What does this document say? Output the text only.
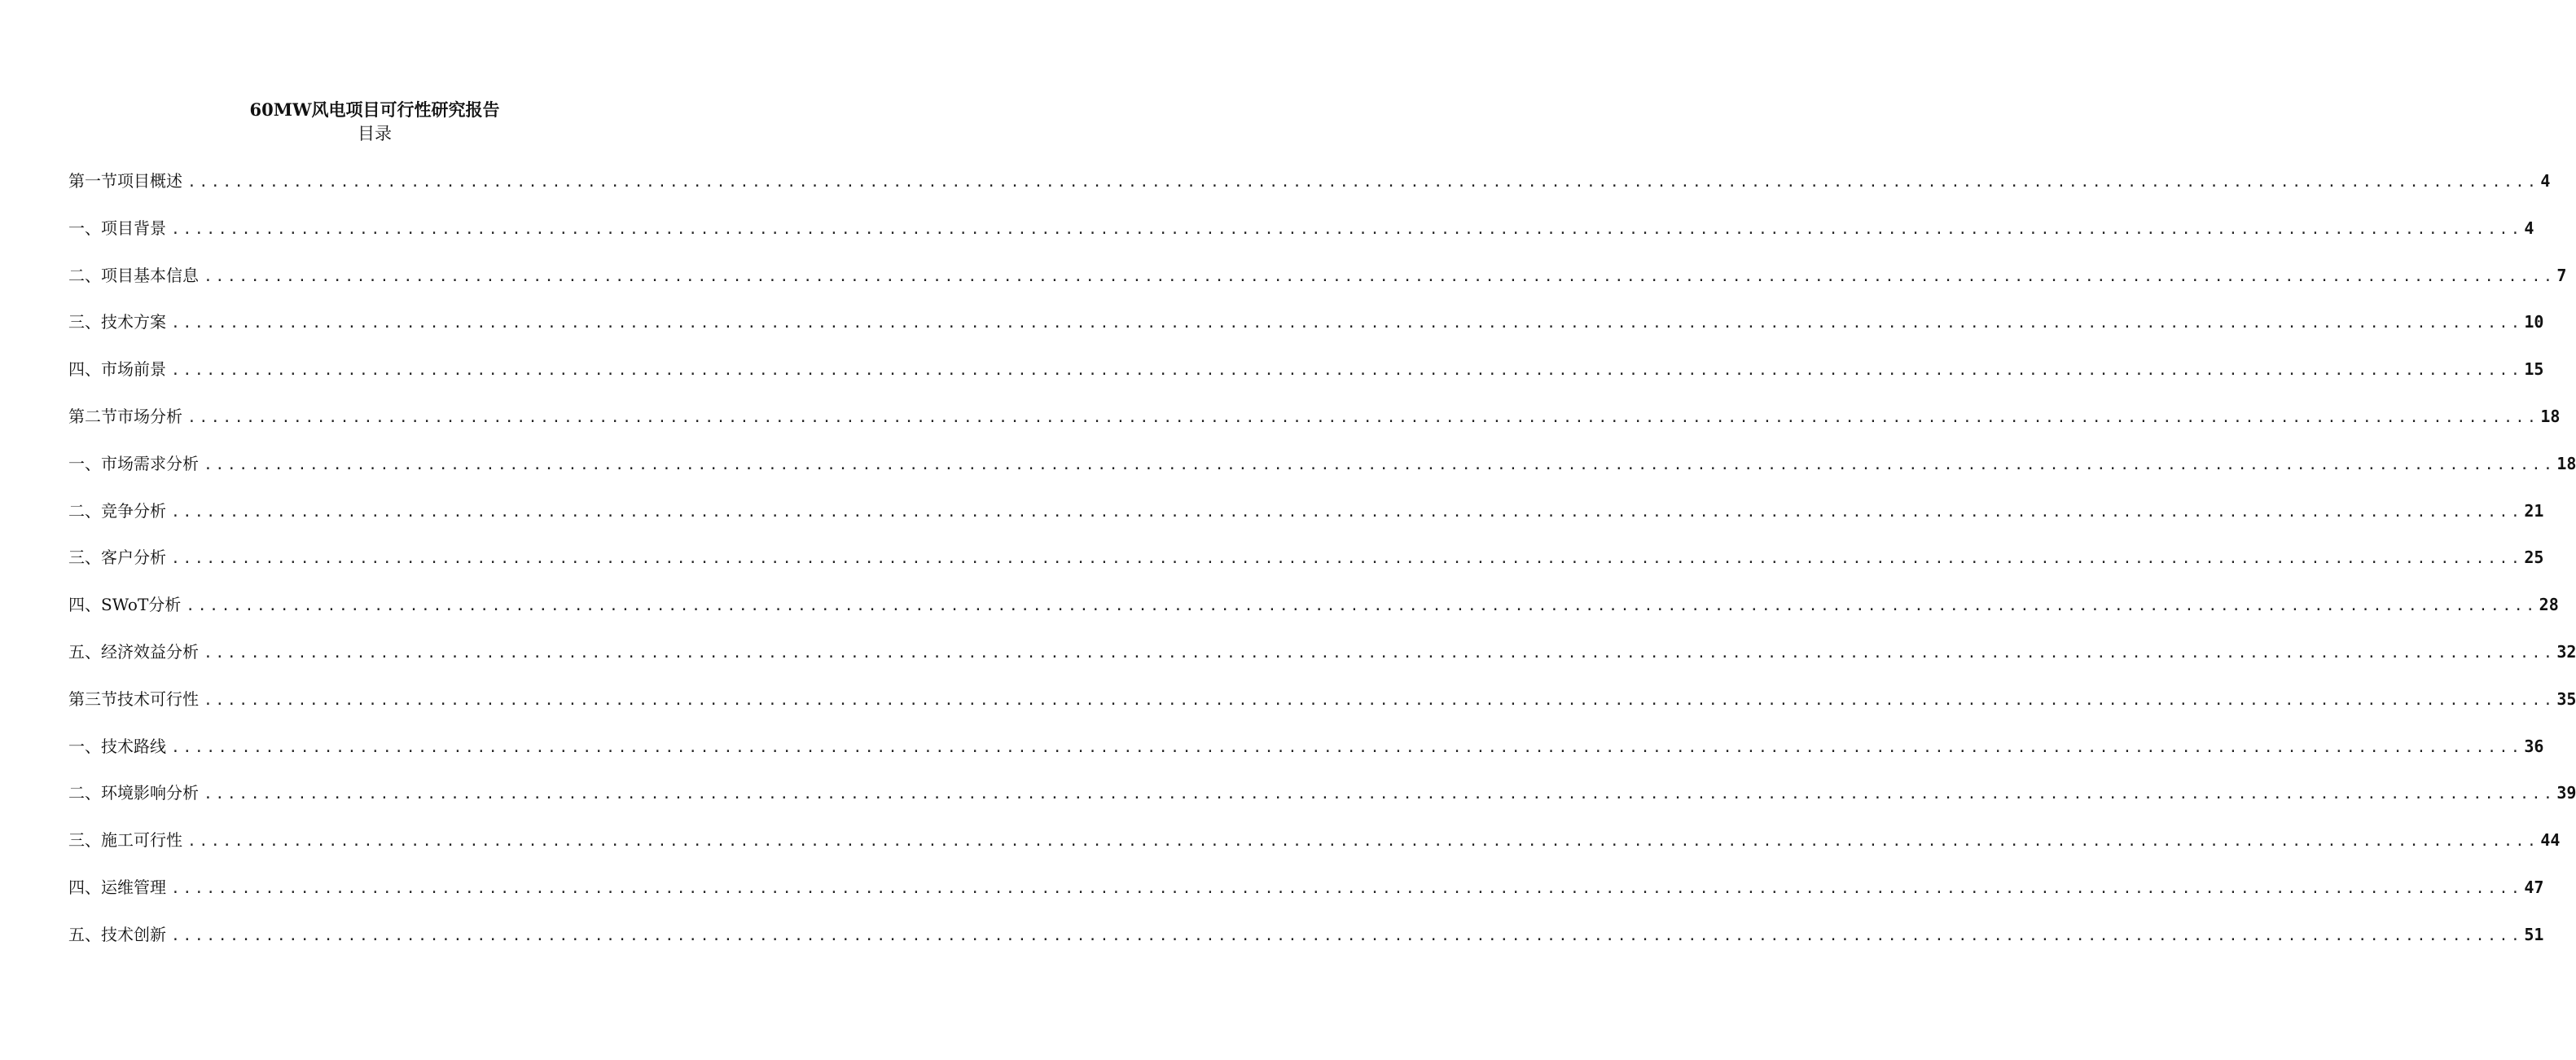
60MW风电项目可行性研究报告
目录
第一节项目概述 ........................................................................................................................................................................................................ 4
一、项目背景 ........................................................................................................................................................................................................ 4
二、项目基本信息 ........................................................................................................................................................................................................ 7
三、技术方案 ........................................................................................................................................................................................................ 10
四、市场前景 ........................................................................................................................................................................................................ 15
第二节市场分析 ........................................................................................................................................................................................................ 18
一、市场需求分析 ........................................................................................................................................................................................................ 18
二、竞争分析 ........................................................................................................................................................................................................ 21
三、客户分析 ........................................................................................................................................................................................................ 25
四、SWoT分析 ........................................................................................................................................................................................................ 28
五、经济效益分析 ........................................................................................................................................................................................................ 32
第三节技术可行性 ........................................................................................................................................................................................................ 35
一、技术路线 ........................................................................................................................................................................................................ 36
二、环境影响分析 ........................................................................................................................................................................................................ 39
三、施工可行性 ........................................................................................................................................................................................................ 44
四、运维管理 ........................................................................................................................................................................................................ 47
五、技术创新 ........................................................................................................................................................................................................ 51
